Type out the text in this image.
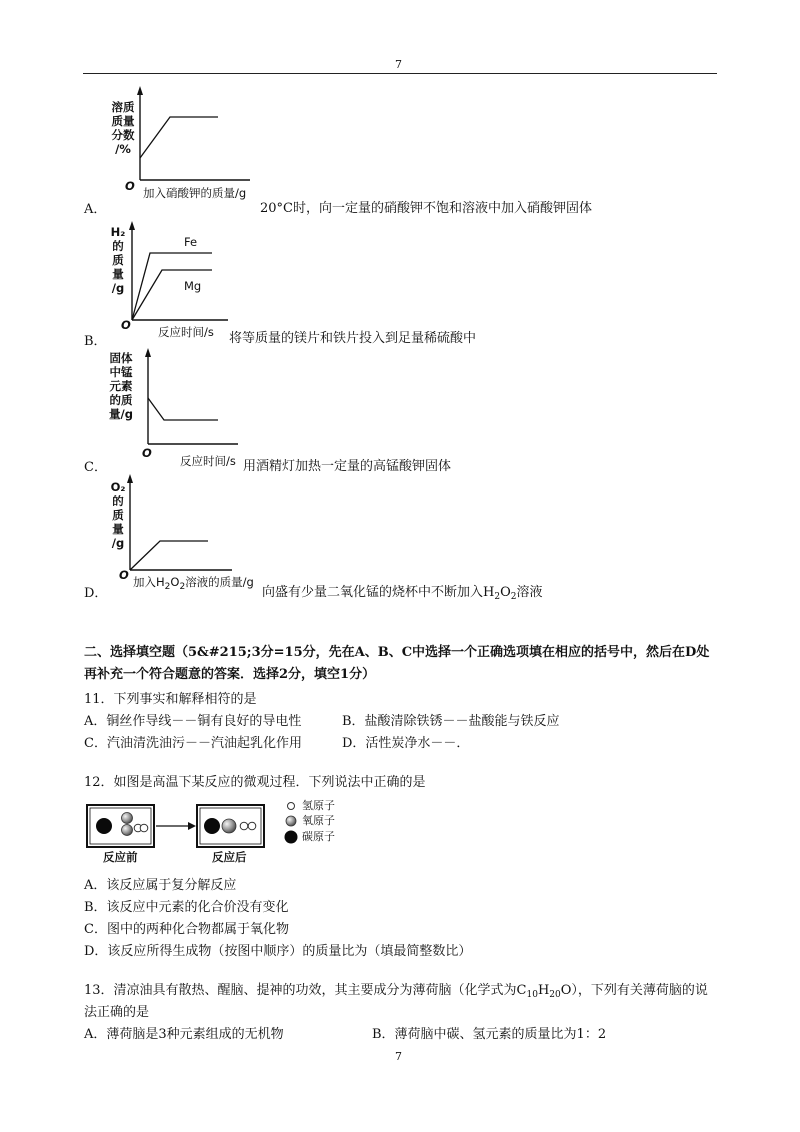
7
溶质
质量
分数
/%
O 加入硝酸钾的质量/g
A．	20°C时，向一定量的硝酸钾不饱和溶液中加入硝酸钾固体
H₂
的
质
量
/g
Fe
Mg
O 反应时间/s
B．	将等质量的镁片和铁片投入到足量稀硫酸中
固体
中锰
元素
的质
量/g
O
反应时间/s
C．	用酒精灯加热一定量的高锰酸钾固体
O₂
的
质
量
/g
O 加入$H_2O_2$溶液的质量/g
D．	向盛有少量二氧化锰的烧杯中不断加入$H_2O_2$溶液
二、选择填空题（5&#215;3分=15分，先在A、B、C中选择一个正确选项填在相应的括号中，然后在D处
再补充一个符合题意的答案．选择2分，填空1分）
11．下列事实和解释相符的是
A．铜丝作导线－－铜有良好的导电性	B．盐酸清除铁锈－－盐酸能与铁反应
C．汽油清洗油污－－汽油起乳化作用	D．活性炭净水－－．
12．如图是高温下某反应的微观过程．下列说法中正确的是
氢原子
氧原子
碳原子
反应前	反应后
A．该反应属于复分解反应
B．该反应中元素的化合价没有变化
C．图中的两种化合物都属于氧化物
D．该反应所得生成物（按图中顺序）的质量比为（填最简整数比）
13．清凉油具有散热、醒脑、提神的功效，其主要成分为薄荷脑（化学式为$C_{10}H_{20}O$），下列有关薄荷脑的说
法正确的是
A．薄荷脑是3种元素组成的无机物	B．薄荷脑中碳、氢元素的质量比为1：2
7
